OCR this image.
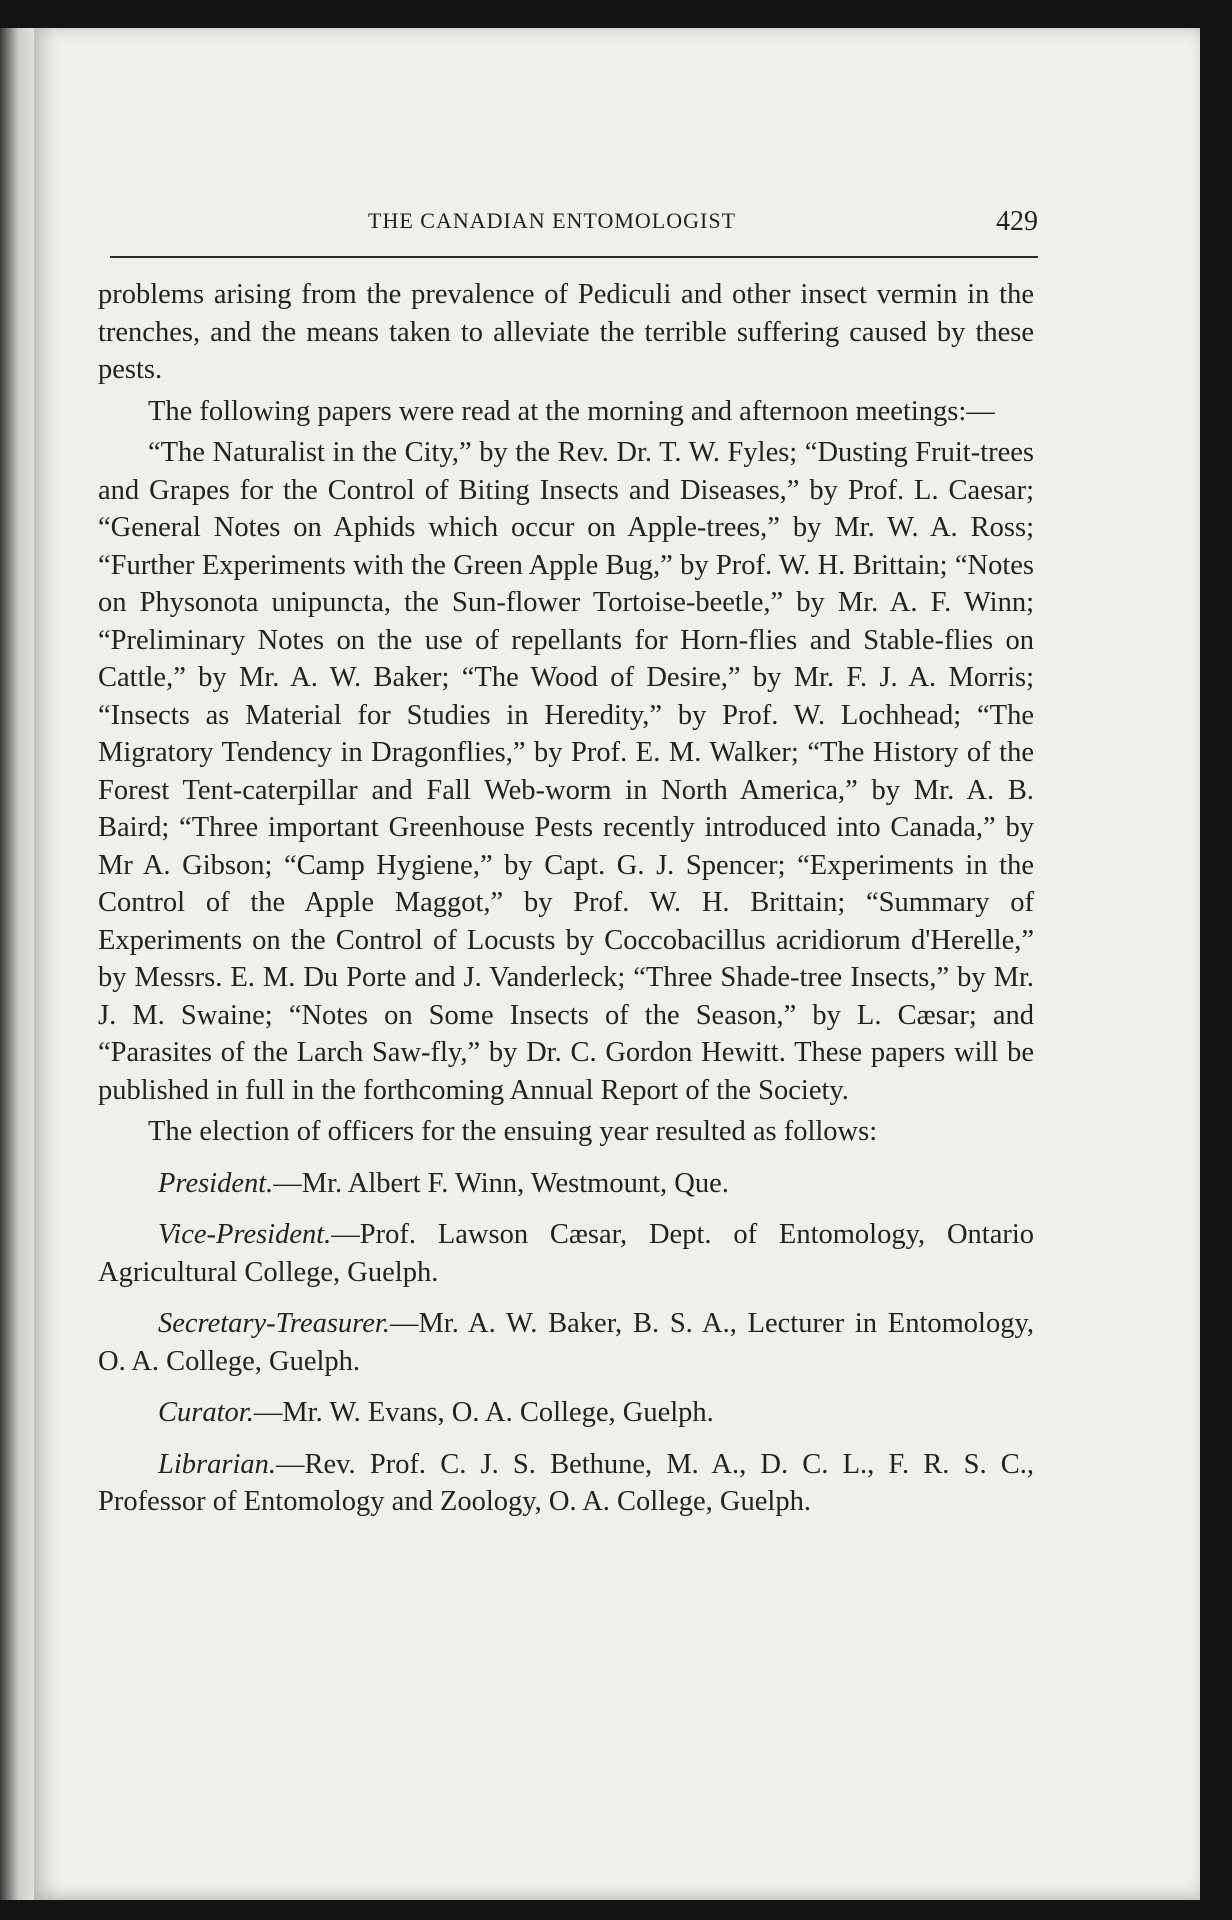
THE CANADIAN ENTOMOLOGIST	429

problems arising from the prevalence of Pediculi and other insect vermin in the trenches, and the means taken to alleviate the terrible suffering caused by these pests.

The following papers were read at the morning and afternoon meetings:—

“The Naturalist in the City,” by the Rev. Dr. T. W. Fyles; “Dusting Fruit-trees and Grapes for the Control of Biting Insects and Diseases,” by Prof. L. Caesar; “General Notes on Aphids which occur on Apple-trees,” by Mr. W. A. Ross; “Further Experiments with the Green Apple Bug,” by Prof. W. H. Brittain; “Notes on Physonota unipuncta, the Sun-flower Tortoise-beetle,” by Mr. A. F. Winn; “Preliminary Notes on the use of repellants for Horn-flies and Stable-flies on Cattle,” by Mr. A. W. Baker; “The Wood of Desire,” by Mr. F. J. A. Morris; “Insects as Material for Studies in Heredity,” by Prof. W. Lochhead; “The Migratory Tendency in Dragonflies,” by Prof. E. M. Walker; “The History of the Forest Tent-caterpillar and Fall Web-worm in North America,” by Mr. A. B. Baird; “Three important Greenhouse Pests recently introduced into Canada,” by Mr A. Gibson; “Camp Hygiene,” by Capt. G. J. Spencer; “Experiments in the Control of the Apple Maggot,” by Prof. W. H. Brittain; “Summary of Experiments on the Control of Locusts by Coccobacillus acridiorum d'Herelle,” by Messrs. E. M. Du Porte and J. Vanderleck; “Three Shade-tree Insects,” by Mr. J. M. Swaine; “Notes on Some Insects of the Season,” by L. Cæsar; and “Parasites of the Larch Saw-fly,” by Dr. C. Gordon Hewitt. These papers will be published in full in the forthcoming Annual Report of the Society.

The election of officers for the ensuing year resulted as follows:

President.—Mr. Albert F. Winn, Westmount, Que.

Vice-President.—Prof. Lawson Cæsar, Dept. of Entomology, Ontario Agricultural College, Guelph.

Secretary-Treasurer.—Mr. A. W. Baker, B. S. A., Lecturer in Entomology, O. A. College, Guelph.

Curator.—Mr. W. Evans, O. A. College, Guelph.

Librarian.—Rev. Prof. C. J. S. Bethune, M. A., D. C. L., F. R. S. C., Professor of Entomology and Zoology, O. A. College, Guelph.
